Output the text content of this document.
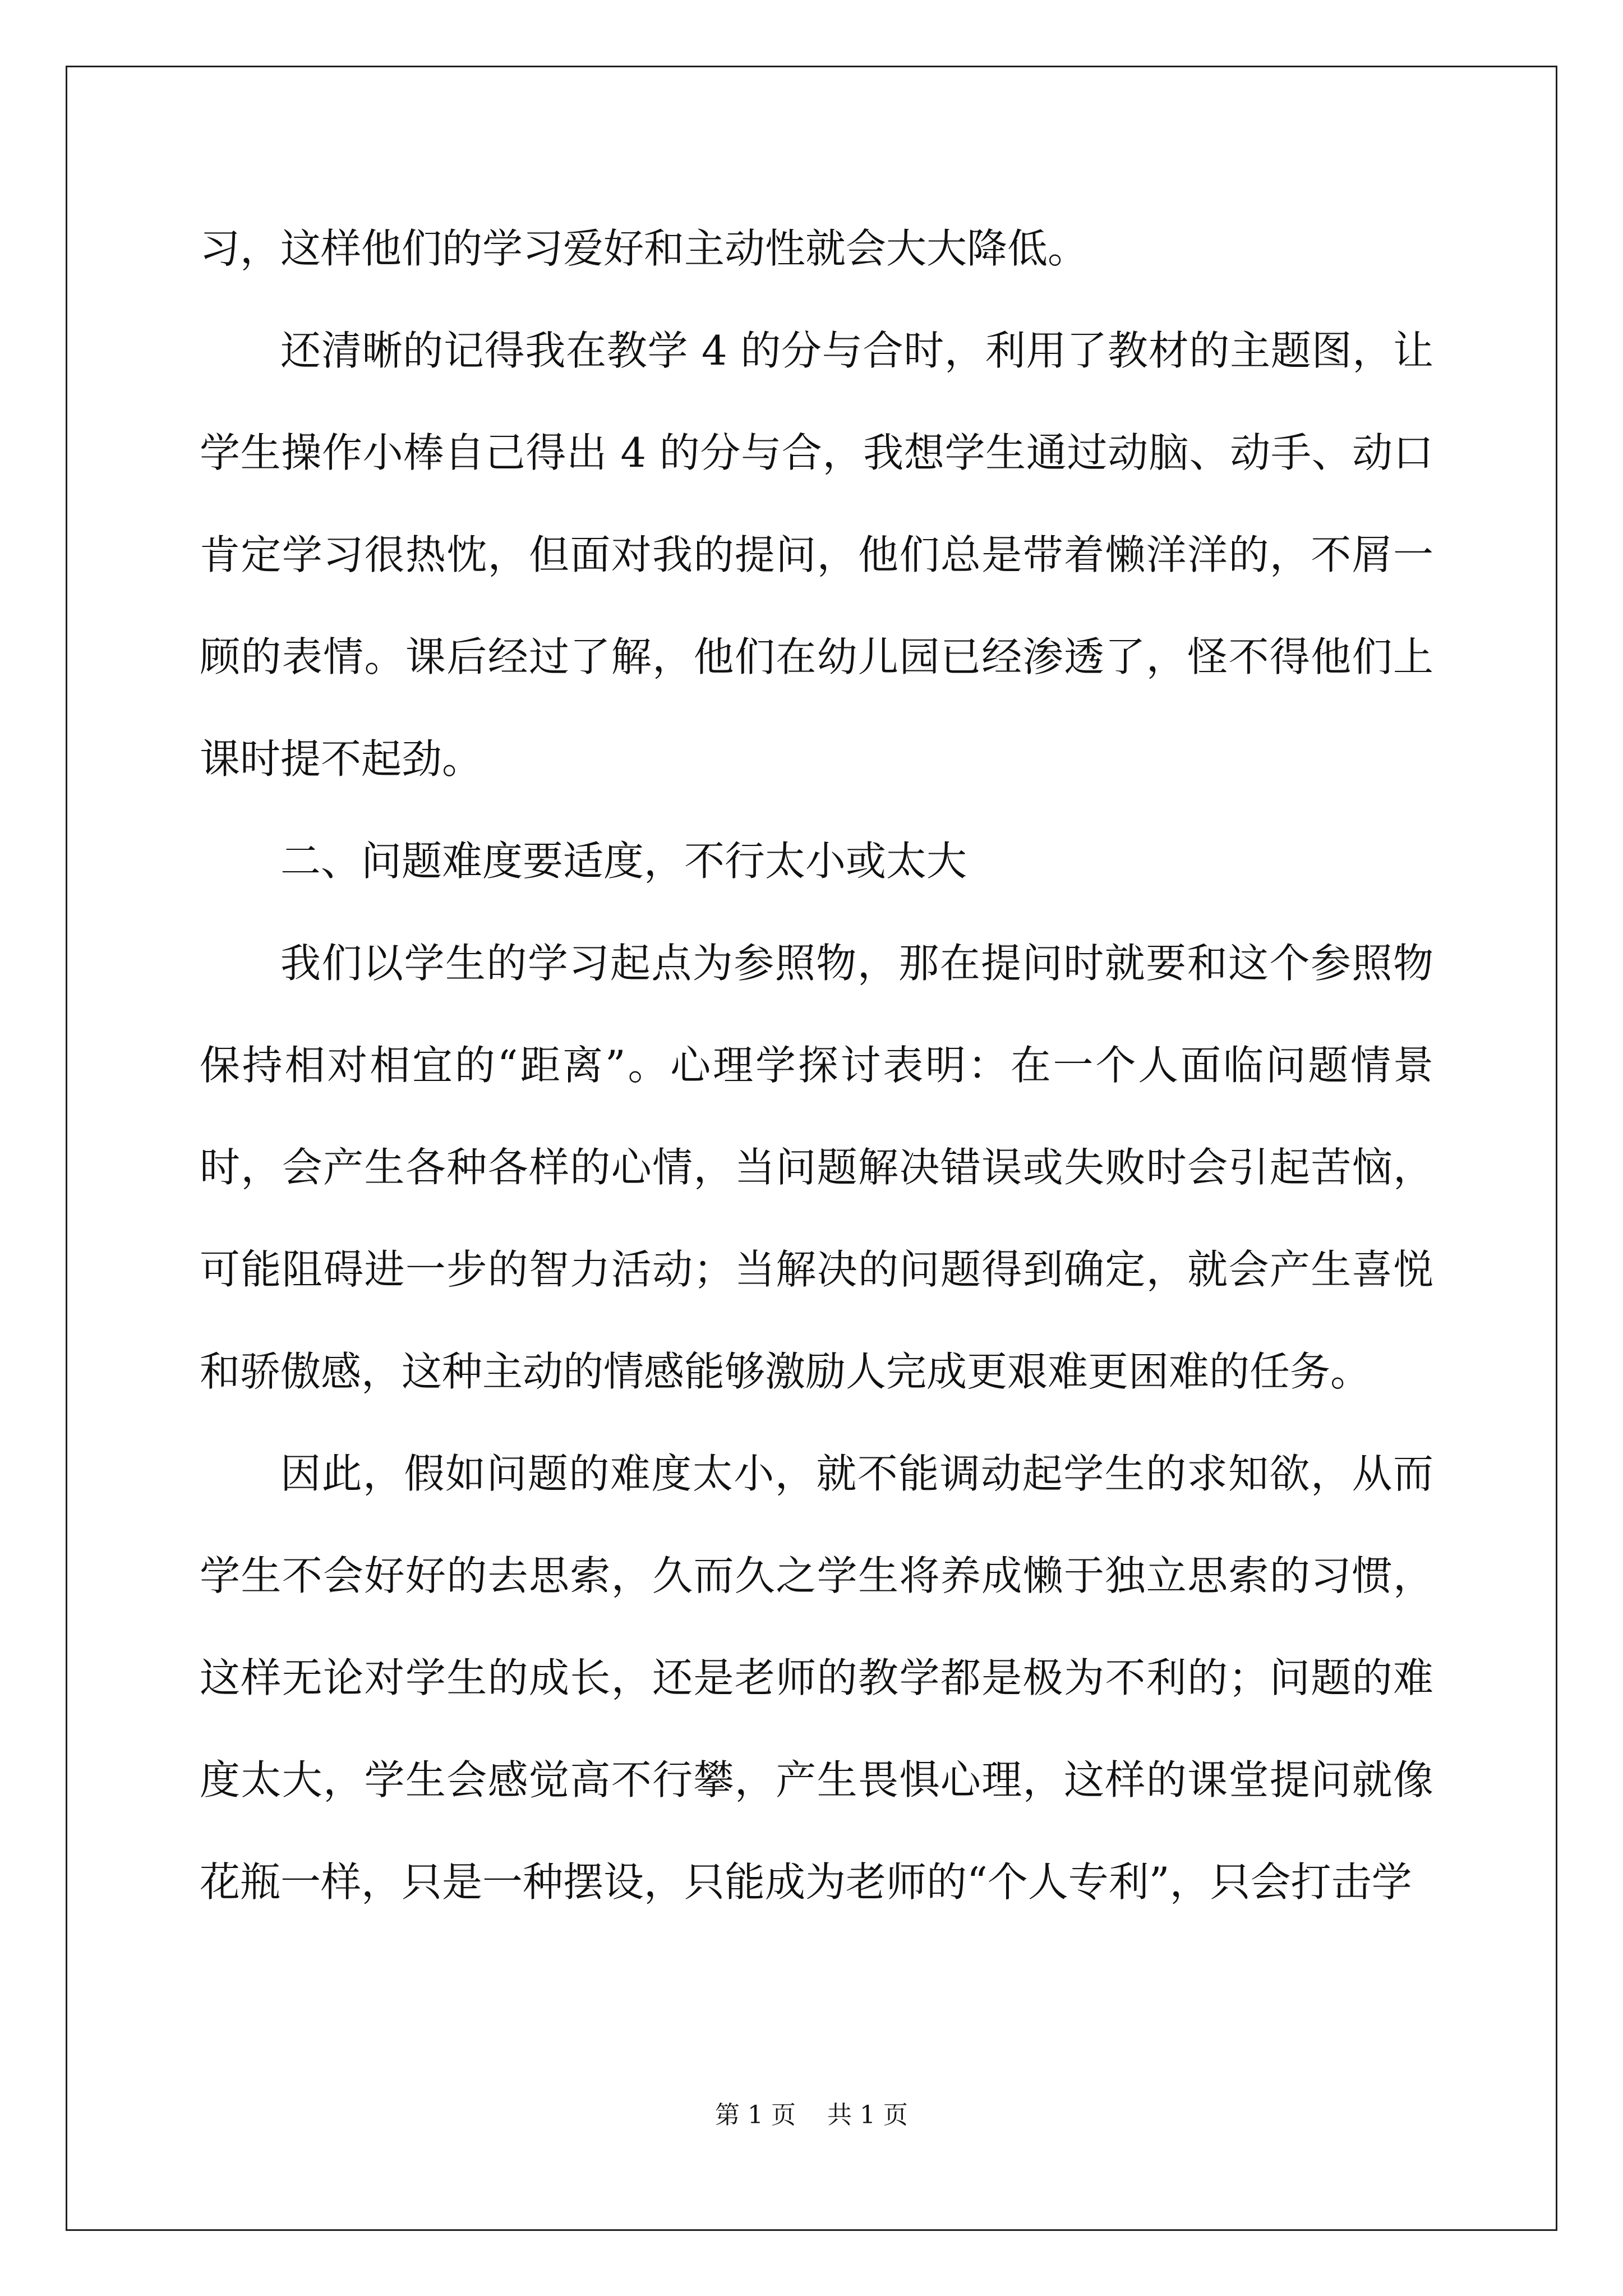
习，这样他们的学习爱好和主动性就会大大降低。

还清晰的记得我在教学 4 的分与合时，利用了教材的主题图，让学生操作小棒自己得出 4 的分与合，我想学生通过动脑、动手、动口肯定学习很热忱，但面对我的提问，他们总是带着懒洋洋的，不屑一顾的表情。课后经过了解，他们在幼儿园已经渗透了，怪不得他们上课时提不起劲。

二、问题难度要适度，不行太小或太大

我们以学生的学习起点为参照物，那在提问时就要和这个参照物保持相对相宜的“距离”。心理学探讨表明：在一个人面临问题情景时，会产生各种各样的心情，当问题解决错误或失败时会引起苦恼，可能阻碍进一步的智力活动；当解决的问题得到确定，就会产生喜悦和骄傲感，这种主动的情感能够激励人完成更艰难更困难的任务。

因此，假如问题的难度太小，就不能调动起学生的求知欲，从而学生不会好好的去思索，久而久之学生将养成懒于独立思索的习惯，这样无论对学生的成长，还是老师的教学都是极为不利的；问题的难度太大，学生会感觉高不行攀，产生畏惧心理，这样的课堂提问就像花瓶一样，只是一种摆设，只能成为老师的“个人专利”，只会打击学

第 1 页    共 1 页
